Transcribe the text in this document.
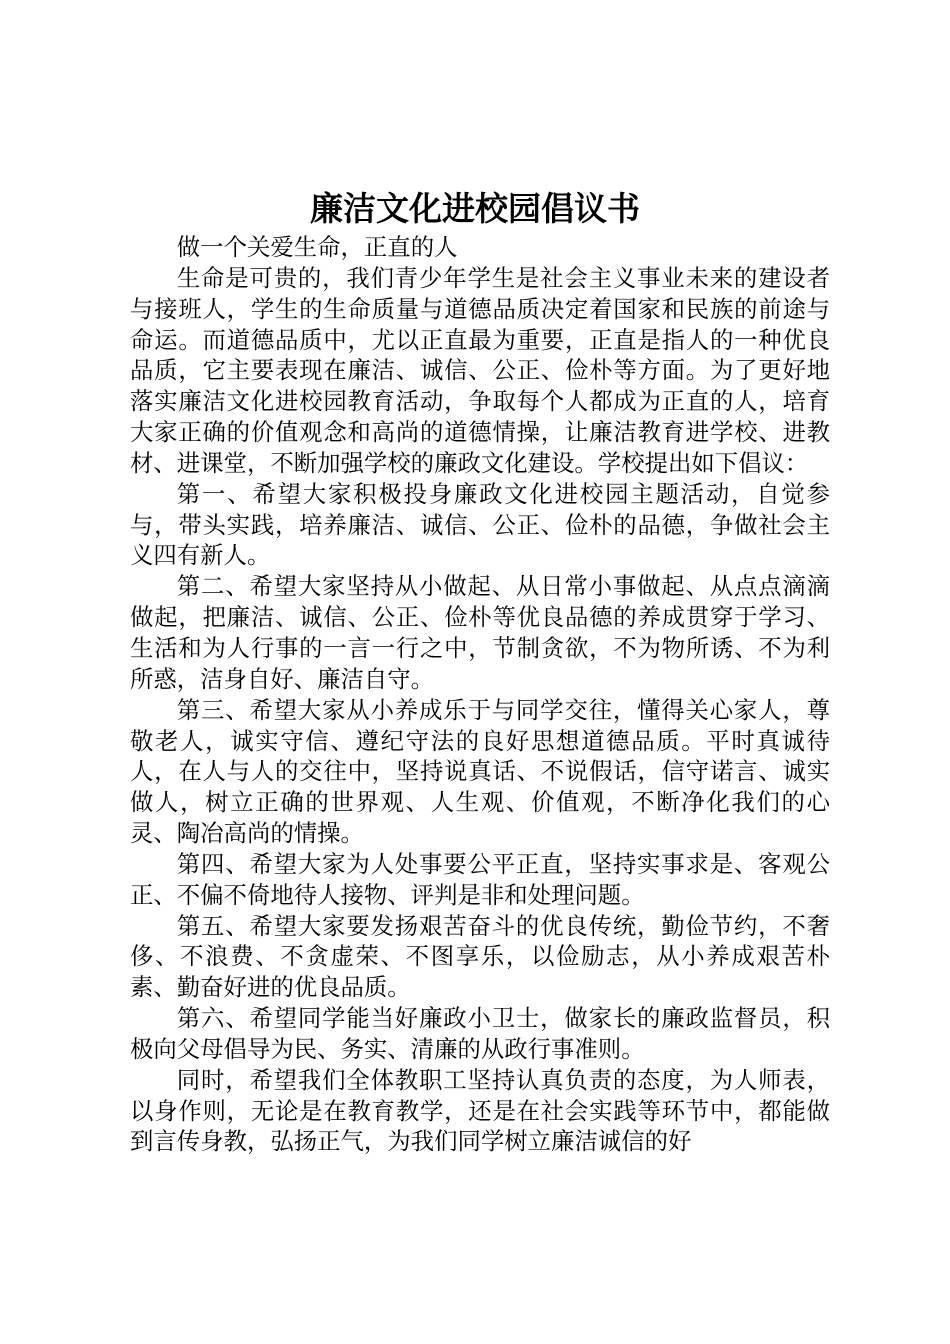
廉洁文化进校园倡议书

做一个关爱生命，正直的人

生命是可贵的，我们青少年学生是社会主义事业未来的建设者与接班人，学生的生命质量与道德品质决定着国家和民族的前途与命运。而道德品质中，尤以正直最为重要，正直是指人的一种优良品质，它主要表现在廉洁、诚信、公正、俭朴等方面。为了更好地落实廉洁文化进校园教育活动，争取每个人都成为正直的人，培育大家正确的价值观念和高尚的道德情操，让廉洁教育进学校、进教材、进课堂，不断加强学校的廉政文化建设。学校提出如下倡议：

第一、希望大家积极投身廉政文化进校园主题活动，自觉参与，带头实践，培养廉洁、诚信、公正、俭朴的品德，争做社会主义四有新人。

第二、希望大家坚持从小做起、从日常小事做起、从点点滴滴做起，把廉洁、诚信、公正、俭朴等优良品德的养成贯穿于学习、生活和为人行事的一言一行之中，节制贪欲，不为物所诱、不为利所惑，洁身自好、廉洁自守。

第三、希望大家从小养成乐于与同学交往，懂得关心家人，尊敬老人，诚实守信、遵纪守法的良好思想道德品质。平时真诚待人，在人与人的交往中，坚持说真话、不说假话，信守诺言、诚实做人，树立正确的世界观、人生观、价值观，不断净化我们的心灵、陶冶高尚的情操。

第四、希望大家为人处事要公平正直，坚持实事求是、客观公正、不偏不倚地待人接物、评判是非和处理问题。

第五、希望大家要发扬艰苦奋斗的优良传统，勤俭节约，不奢侈、不浪费、不贪虚荣、不图享乐，以俭励志，从小养成艰苦朴素、勤奋好进的优良品质。

第六、希望同学能当好廉政小卫士，做家长的廉政监督员，积极向父母倡导为民、务实、清廉的从政行事准则。

同时，希望我们全体教职工坚持认真负责的态度，为人师表，以身作则，无论是在教育教学，还是在社会实践等环节中，都能做到言传身教，弘扬正气，为我们同学树立廉洁诚信的好
